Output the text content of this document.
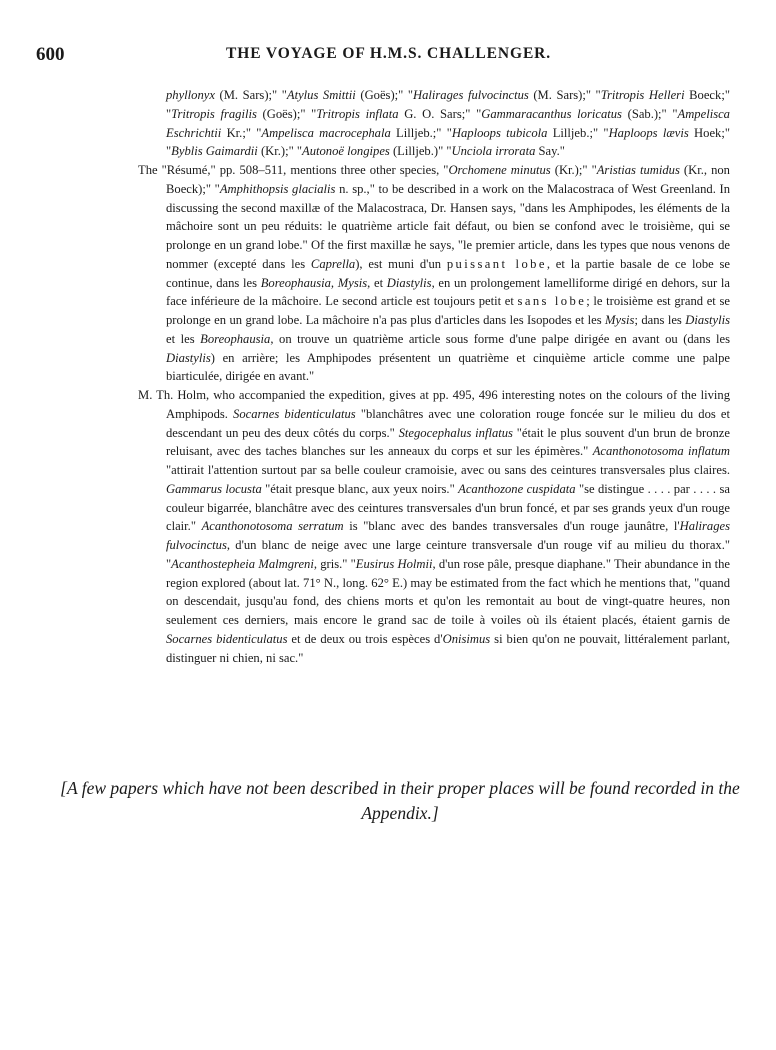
600	THE VOYAGE OF H.M.S. CHALLENGER.

phyllonyx (M. Sars);" "Atylus Smittii (Goës);" "Halirages fulvocinctus (M. Sars);" "Tritropis Helleri Boeck;" "Tritropis fragilis (Goës);" "Tritropis inflata G. O. Sars;" "Gammaracanthus loricatus (Sab.);" "Ampelisca Eschrichtii Kr.;" "Ampelisca macrocephala Lilljeb.;" "Haploops tubicola Lilljeb.;" "Haploops lævis Hoek;" "Byblis Gaimardii (Kr.);" "Autonoë longipes (Lilljeb.)" "Unciola irrorata Say."

The "Résumé," pp. 508–511, mentions three other species, "Orchomene minutus (Kr.);" "Aristias tumidus (Kr., non Boeck);" "Amphithopsis glacialis n. sp.," to be described in a work on the Malacostraca of West Greenland. In discussing the second maxillæ of the Malacostraca, Dr. Hansen says, "dans les Amphipodes, les éléments de la mâchoire sont un peu réduits: le quatrième article fait défaut, ou bien se confond avec le troisième, qui se prolonge en un grand lobe." Of the first maxillæ he says, "le premier article, dans les types que nous venons de nommer (excepté dans les Caprella), est muni d'un puissant lobe, et la partie basale de ce lobe se continue, dans les Boreophausia, Mysis, et Diastylis, en un prolongement lamelliforme dirigé en dehors, sur la face inférieure de la mâchoire. Le second article est toujours petit et sans lobe; le troisième est grand et se prolonge en un grand lobe. La mâchoire n'a pas plus d'articles dans les Isopodes et les Mysis; dans les Diastylis et les Boreophausia, on trouve un quatrième article sous forme d'une palpe dirigée en avant ou (dans les Diastylis) en arrière; les Amphipodes présentent un quatrième et cinquième article comme une palpe biarticulée, dirigée en avant."

M. Th. Holm, who accompanied the expedition, gives at pp. 495, 496 interesting notes on the colours of the living Amphipods. Socarnes bidenticulatus "blanchâtres avec une coloration rouge foncée sur le milieu du dos et descendant un peu des deux côtés du corps." Stegocephalus inflatus "était le plus souvent d'un brun de bronze reluisant, avec des taches blanches sur les anneaux du corps et sur les épimères." Acanthonotosoma inflatum "attirait l'attention surtout par sa belle couleur cramoisie, avec ou sans des ceintures transversales plus claires. Gammarus locusta "était presque blanc, aux yeux noirs." Acanthozone cuspidata "se distingue . . . . par . . . . sa couleur bigarrée, blanchâtre avec des ceintures transversales d'un brun foncé, et par ses grands yeux d'un rouge clair." Acanthonotosoma serratum is "blanc avec des bandes transversales d'un rouge jaunâtre, l'Halirages fulvocinctus, d'un blanc de neige avec une large ceinture transversale d'un rouge vif au milieu du thorax." "Acanthostepheia Malmgreni, gris." "Eusirus Holmii, d'un rose pâle, presque diaphane." Their abundance in the region explored (about lat. 71° N., long. 62° E.) may be estimated from the fact which he mentions that, "quand on descendait, jusqu'au fond, des chiens morts et qu'on les remontait au bout de vingt-quatre heures, non seulement ces derniers, mais encore le grand sac de toile à voiles où ils étaient placés, étaient garnis de Socarnes bidenticulatus et de deux ou trois espèces d'Onisimus si bien qu'on ne pouvait, littéralement parlant, distinguer ni chien, ni sac."

[A few papers which have not been described in their proper places will be found recorded in the Appendix.]
